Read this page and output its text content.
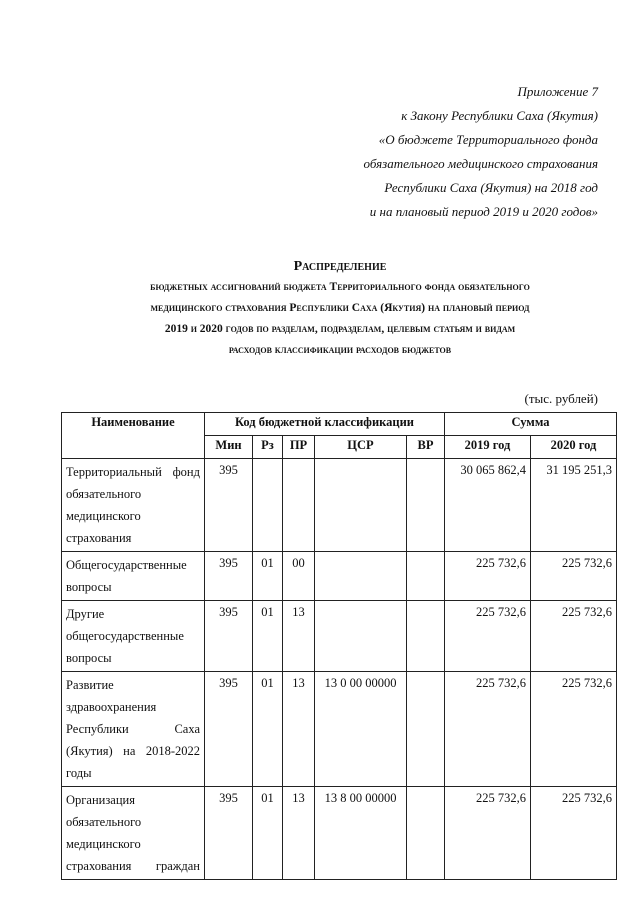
Приложение 7
к Закону Республики Саха (Якутия)
«О бюджете Территориального фонда
обязательного медицинского страхования
Республики Саха (Якутия) на 2018 год
и на плановый период 2019 и 2020 годов»
Распределение
бюджетных ассигнований бюджета Территориального фонда обязательного
медицинского страхования Республики Саха (Якутия) на плановый период
2019 и 2020 годов по разделам, подразделам, целевым статьям и видам
расходов классификации расходов бюджетов
(тыс. рублей)
Наименование	Код бюджетной классификации					Сумма	
	Мин	Рз	ПР	ЦСР	ВР	2019 год	2020 год

Территориальный фонд
обязательного
медицинского
страхования	395					30 065 862,4	31 195 251,3

Общегосударственные
вопросы	395	01	00			225 732,6	225 732,6

Другие
общегосударственные
вопросы	395	01	13			225 732,6	225 732,6

Развитие
здравоохранения
Республики Саха
(Якутия) на 2018-2022
годы	395	01	13	13 0 00 00000		225 732,6	225 732,6

Организация
обязательного
медицинского
страхования граждан	395	01	13	13 8 00 00000		225 732,6	225 732,6
